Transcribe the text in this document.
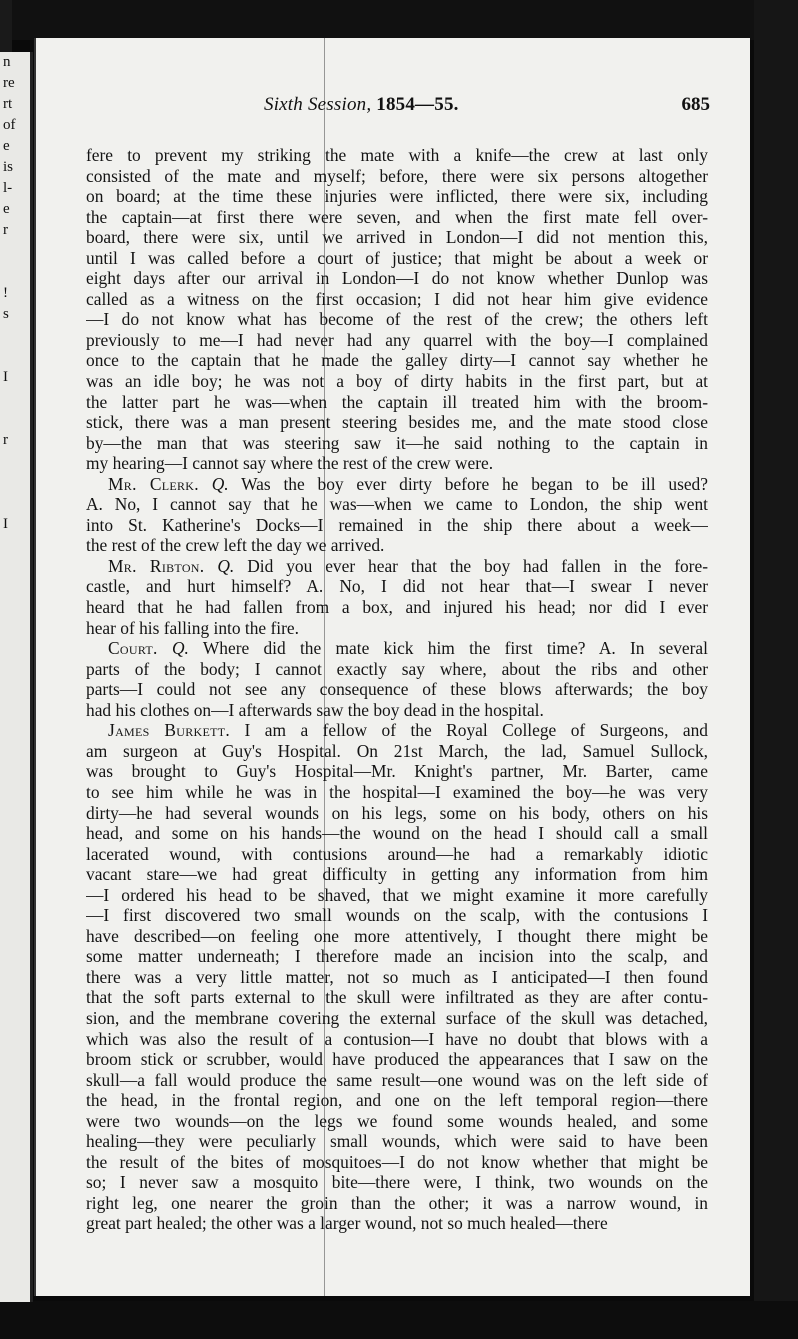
n
re
rt
of
e
is
l-
e
r

!
s

I

r

I
Sixth Session, 1854—55.	685
fere to prevent my striking the mate with a knife—the crew at last only
consisted of the mate and myself; before, there were six persons altogether
on board; at the time these injuries were inflicted, there were six, including
the captain—at first there were seven, and when the first mate fell over-
board, there were six, until we arrived in London—I did not mention this,
until I was called before a court of justice; that might be about a week or
eight days after our arrival in London—I do not know whether Dunlop was
called as a witness on the first occasion; I did not hear him give evidence
—I do not know what has become of the rest of the crew; the others left
previously to me—I had never had any quarrel with the boy—I complained
once to the captain that he made the galley dirty—I cannot say whether he
was an idle boy; he was not a boy of dirty habits in the first part, but at
the latter part he was—when the captain ill treated him with the broom-
stick, there was a man present steering besides me, and the mate stood close
by—the man that was steering saw it—he said nothing to the captain in
my hearing—I cannot say where the rest of the crew were.
Mr. Clerk. Q. Was the boy ever dirty before he began to be ill used?
A. No, I cannot say that he was—when we came to London, the ship went
into St. Katherine's Docks—I remained in the ship there about a week—
the rest of the crew left the day we arrived.
Mr. Ribton. Q. Did you ever hear that the boy had fallen in the fore-
castle, and hurt himself? A. No, I did not hear that—I swear I never
heard that he had fallen from a box, and injured his head; nor did I ever
hear of his falling into the fire.
Court. Q. Where did the mate kick him the first time? A. In several
parts of the body; I cannot exactly say where, about the ribs and other
parts—I could not see any consequence of these blows afterwards; the boy
had his clothes on—I afterwards saw the boy dead in the hospital.
James Burkett. I am a fellow of the Royal College of Surgeons, and
am surgeon at Guy's Hospital. On 21st March, the lad, Samuel Sullock,
was brought to Guy's Hospital—Mr. Knight's partner, Mr. Barter, came
to see him while he was in the hospital—I examined the boy—he was very
dirty—he had several wounds on his legs, some on his body, others on his
head, and some on his hands—the wound on the head I should call a small
lacerated wound, with contusions around—he had a remarkably idiotic
vacant stare—we had great difficulty in getting any information from him
—I ordered his head to be shaved, that we might examine it more carefully
—I first discovered two small wounds on the scalp, with the contusions I
have described—on feeling one more attentively, I thought there might be
some matter underneath; I therefore made an incision into the scalp, and
there was a very little matter, not so much as I anticipated—I then found
that the soft parts external to the skull were infiltrated as they are after contu-
sion, and the membrane covering the external surface of the skull was detached,
which was also the result of a contusion—I have no doubt that blows with a
broom stick or scrubber, would have produced the appearances that I saw on the
skull—a fall would produce the same result—one wound was on the left side of
the head, in the frontal region, and one on the left temporal region—there
were two wounds—on the legs we found some wounds healed, and some
healing—they were peculiarly small wounds, which were said to have been
the result of the bites of mosquitoes—I do not know whether that might be
so; I never saw a mosquito bite—there were, I think, two wounds on the
right leg, one nearer the groin than the other; it was a narrow wound, in
great part healed; the other was a larger wound, not so much healed—there
